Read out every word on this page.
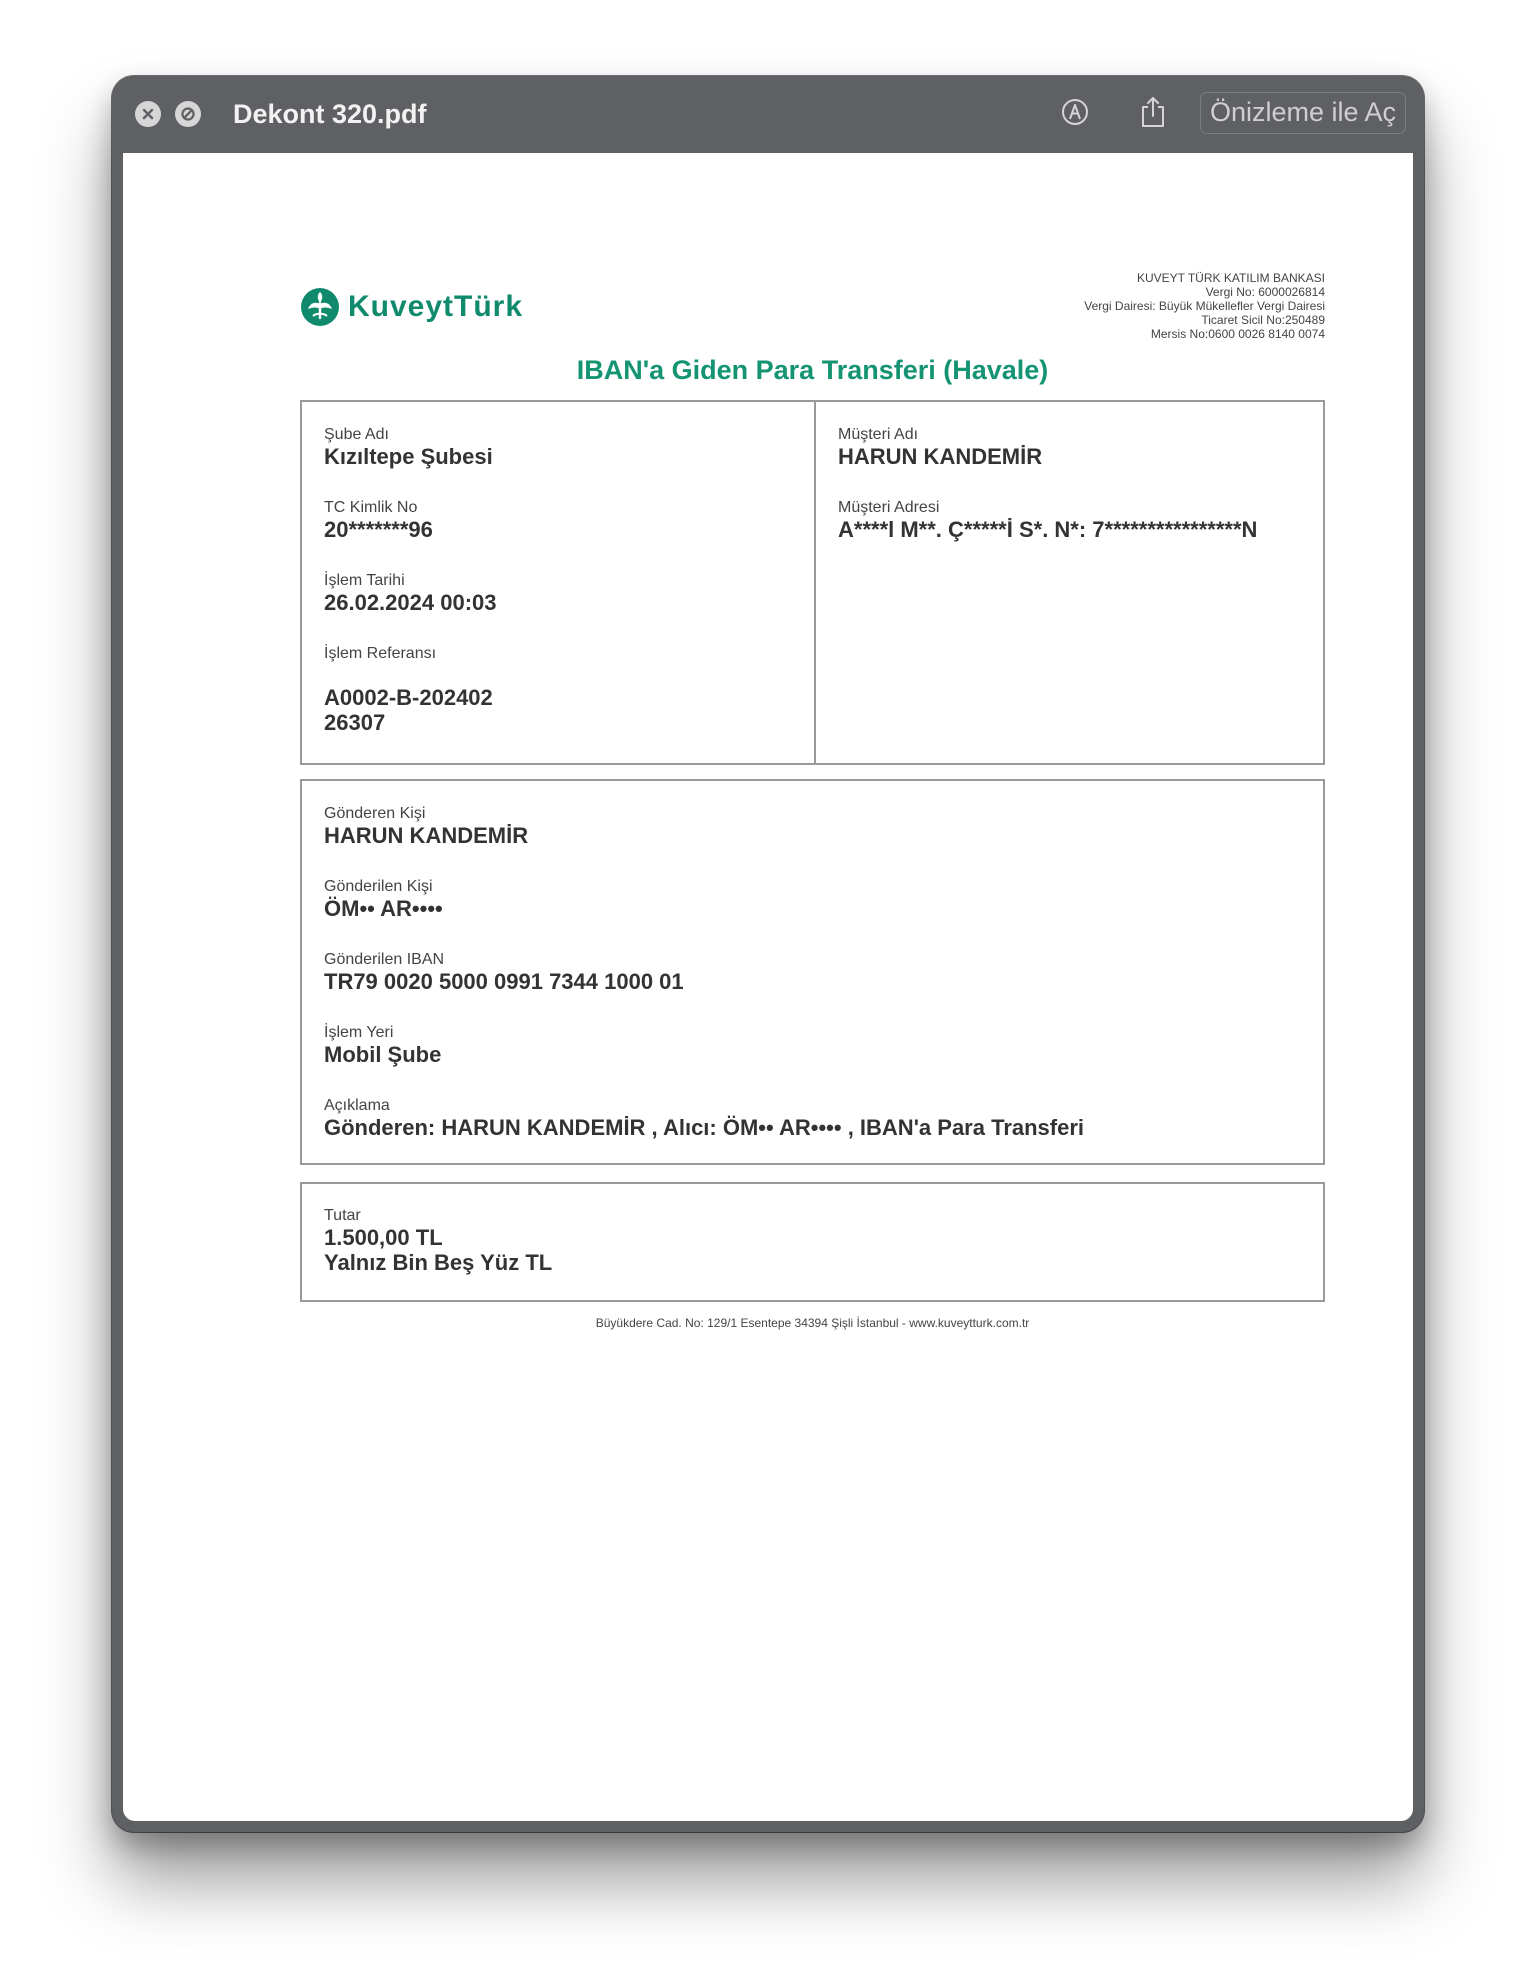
Dekont 320.pdf	Önizleme ile Aç
KuveytTürk
KUVEYT TÜRK KATILIM BANKASI
Vergi No: 6000026814
Vergi Dairesi: Büyük Mükellefler Vergi Dairesi
Ticaret Sicil No:250489
Mersis No:0600 0026 8140 0074
IBAN'a Giden Para Transferi (Havale)
Şube Adı
Kızıltepe Şubesi
TC Kimlik No
20*******96
İşlem Tarihi
26.02.2024 00:03
İşlem Referansı
A0002-B-202402
26307
Müşteri Adı
HARUN KANDEMİR
Müşteri Adresi
A****l M**. Ç*****İ S*. N*: 7****************N
Gönderen Kişi
HARUN KANDEMİR
Gönderilen Kişi
ÖM•• AR••••
Gönderilen IBAN
TR79 0020 5000 0991 7344 1000 01
İşlem Yeri
Mobil Şube
Açıklama
Gönderen: HARUN KANDEMİR , Alıcı: ÖM•• AR•••• , IBAN'a Para Transferi
Tutar
1.500,00 TL
Yalnız Bin Beş Yüz TL
Büyükdere Cad. No: 129/1 Esentepe 34394 Şişli İstanbul - www.kuveytturk.com.tr
